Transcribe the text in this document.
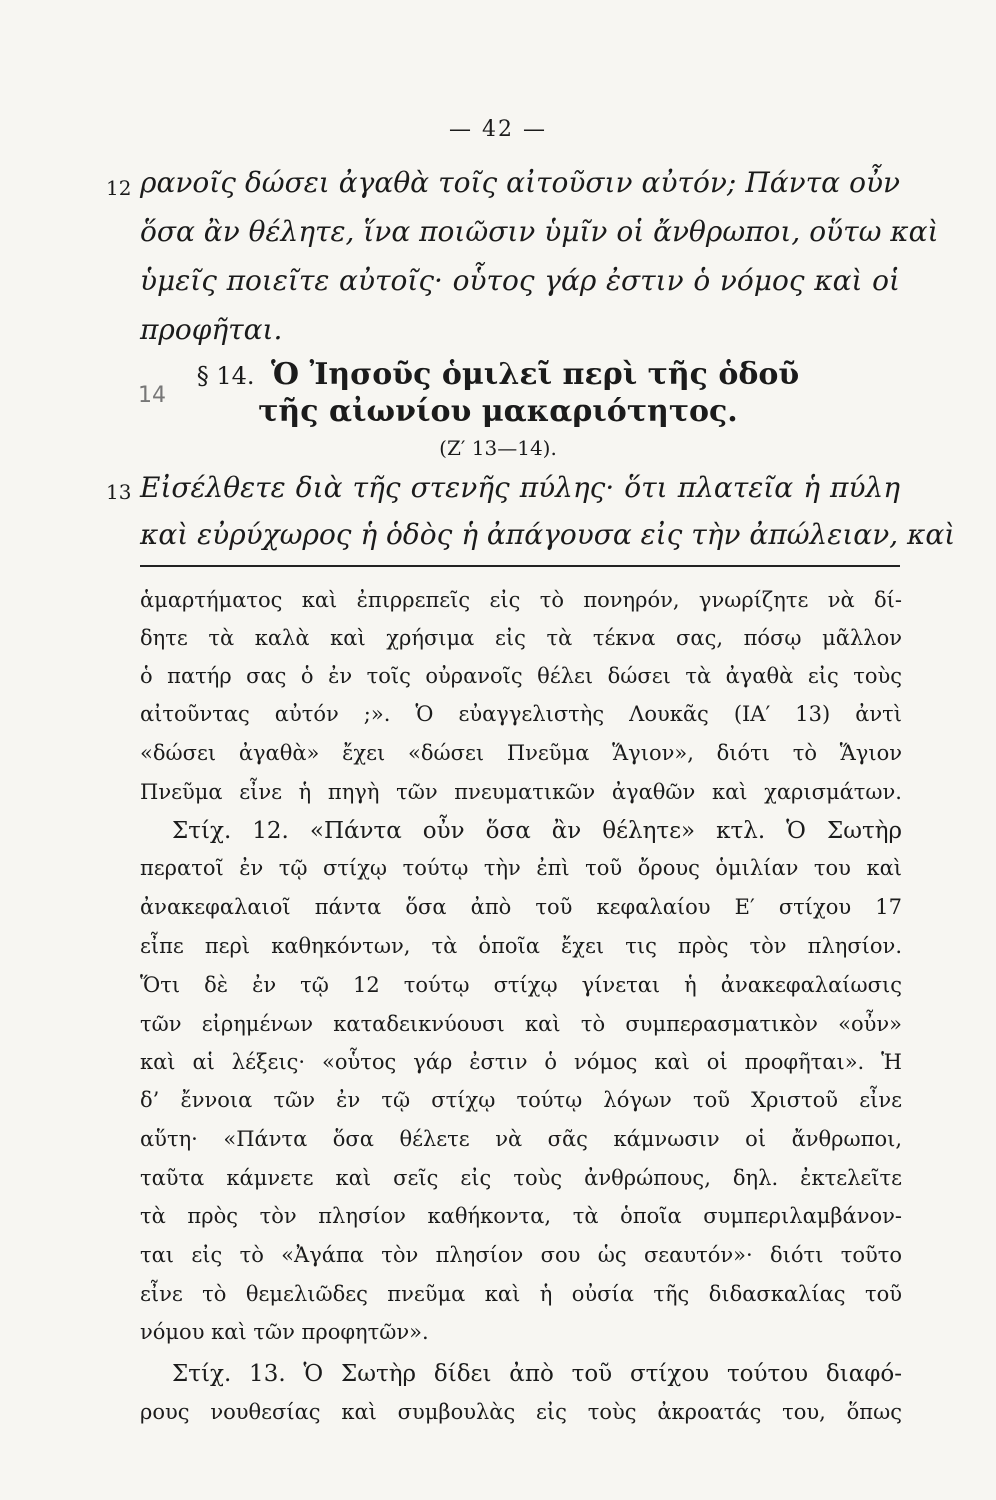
— 42 —
12 ρανοῖς δώσει ἀγαθὰ τοῖς αἰτοῦσιν αὐτόν; Πάντα οὖν
ὅσα ἂν θέλητε, ἵνα ποιῶσιν ὑμῖν οἱ ἄνθρωποι, οὕτω καὶ
ὑμεῖς ποιεῖτε αὐτοῖς· οὗτος γάρ ἐστιν ὁ νόμος καὶ οἱ
προφῆται.
§ 14. Ὁ Ἰησοῦς ὁμιλεῖ περὶ τῆς ὁδοῦ
τῆς αἰωνίου μακαριότητος.
14
(Ζ′ 13—14).
13 Εἰσέλθετε διὰ τῆς στενῆς πύλης· ὅτι πλατεῖα ἡ πύλη
καὶ εὐρύχωρος ἡ ὁδὸς ἡ ἀπάγουσα εἰς τὴν ἀπώλειαν, καὶ
ἁμαρτήματος καὶ ἐπιρρεπεῖς εἰς τὸ πονηρόν, γνωρίζητε νὰ δί-
δητε τὰ καλὰ καὶ χρήσιμα εἰς τὰ τέκνα σας, πόσῳ μᾶλλον
ὁ πατήρ σας ὁ ἐν τοῖς οὐρανοῖς θέλει δώσει τὰ ἀγαθὰ εἰς τοὺς
αἰτοῦντας αὐτόν ;». Ὁ εὐαγγελιστὴς Λουκᾶς (ΙΑ′ 13) ἀντὶ
«δώσει ἀγαθὰ» ἔχει «δώσει Πνεῦμα Ἅγιον», διότι τὸ Ἅγιον
Πνεῦμα εἶνε ἡ πηγὴ τῶν πνευματικῶν ἀγαθῶν καὶ χαρισμάτων.
Στίχ. 12. «Πάντα οὖν ὅσα ἂν θέλητε» κτλ. Ὁ Σωτὴρ
περατοῖ ἐν τῷ στίχῳ τούτῳ τὴν ἐπὶ τοῦ ὄρους ὁμιλίαν του καὶ
ἀνακεφαλαιοῖ πάντα ὅσα ἀπὸ τοῦ κεφαλαίου Ε′ στίχου 17
εἶπε περὶ καθηκόντων, τὰ ὁποῖα ἔχει τις πρὸς τὸν πλησίον.
Ὅτι δὲ ἐν τῷ 12 τούτῳ στίχῳ γίνεται ἡ ἀνακεφαλαίωσις
τῶν εἰρημένων καταδεικνύουσι καὶ τὸ συμπερασματικὸν «οὖν»
καὶ αἱ λέξεις· «οὗτος γάρ ἐστιν ὁ νόμος καὶ οἱ προφῆται». Ἡ
δ’ ἔννοια τῶν ἐν τῷ στίχῳ τούτῳ λόγων τοῦ Χριστοῦ εἶνε
αὕτη· «Πάντα ὅσα θέλετε νὰ σᾶς κάμνωσιν οἱ ἄνθρωποι,
ταῦτα κάμνετε καὶ σεῖς εἰς τοὺς ἀνθρώπους, δηλ. ἐκτελεῖτε
τὰ πρὸς τὸν πλησίον καθήκοντα, τὰ ὁποῖα συμπεριλαμβάνον-
ται εἰς τὸ «Ἀγάπα τὸν πλησίον σου ὡς σεαυτόν»· διότι τοῦτο
εἶνε τὸ θεμελιῶδες πνεῦμα καὶ ἡ οὐσία τῆς διδασκαλίας τοῦ
νόμου καὶ τῶν προφητῶν».
Στίχ. 13. Ὁ Σωτὴρ δίδει ἀπὸ τοῦ στίχου τούτου διαφό-
ρους νουθεσίας καὶ συμβουλὰς εἰς τοὺς ἀκροατάς του, ὅπως
